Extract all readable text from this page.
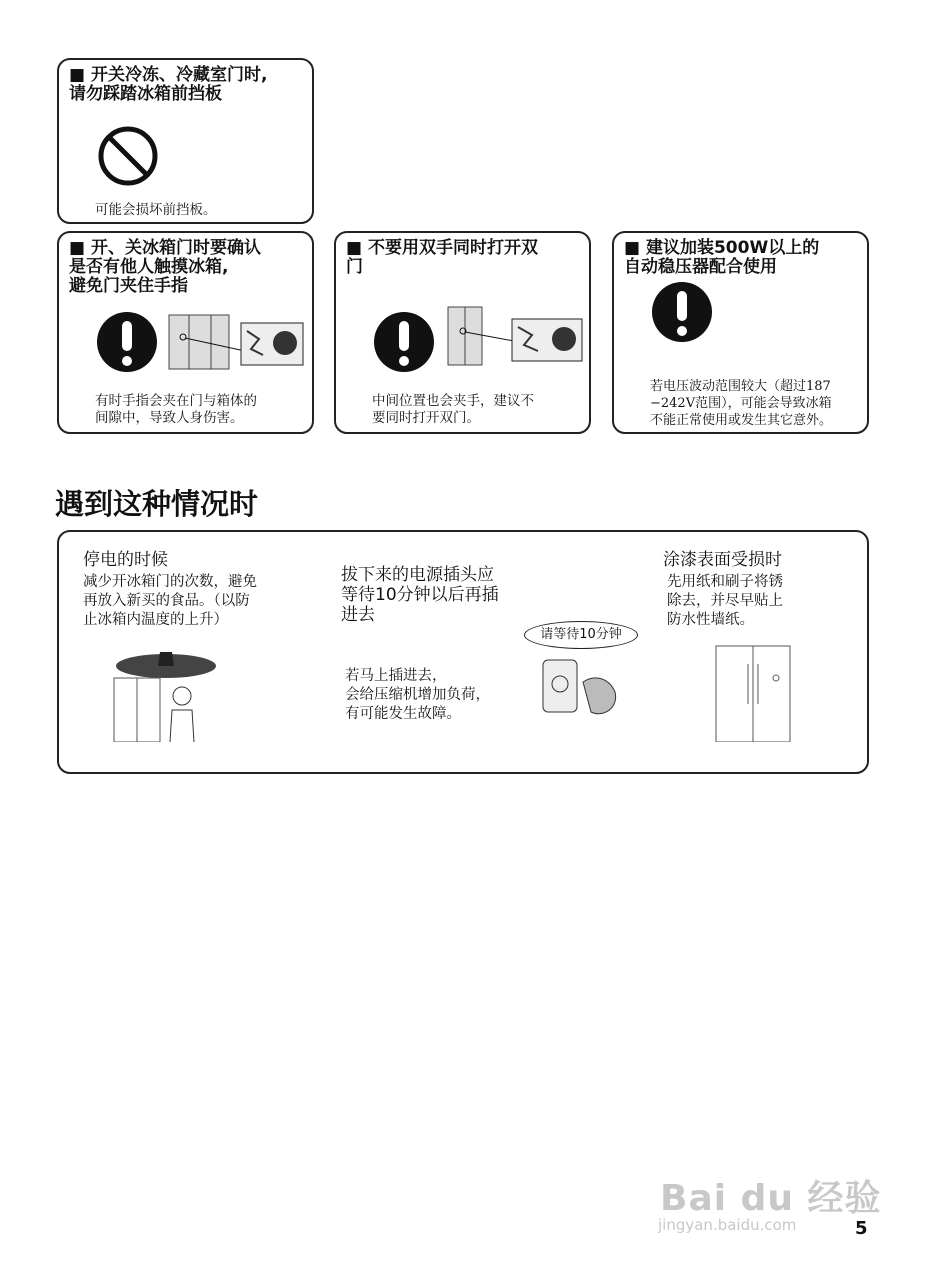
■ 开关冷冻、冷藏室门时,
请勿踩踏冰箱前挡板
可能会损坏前挡板。
■ 开、关冰箱门时要确认
是否有他人触摸冰箱,
避免门夹住手指
有时手指会夹在门与箱体的
间隙中，导致人身伤害。
■ 不要用双手同时打开双
门
中间位置也会夹手，建议不
要同时打开双门。
■ 建议加装500W以上的
自动稳压器配合使用
若电压波动范围较大（超过187
−242V范围），可能会导致冰箱
不能正常使用或发生其它意外。
遇到这种情况时
停电的时候
减少开冰箱门的次数，避免
再放入新买的食品。（以防
止冰箱内温度的上升）
拔下来的电源插头应
等待10分钟以后再插
进去
若马上插进去，
会给压缩机增加负荷，
有可能发生故障。
请等待10分钟
涂漆表面受损时
先用纸和刷子将锈
除去，并尽早贴上
防水性墙纸。
Bai du 经验
jingyan.baidu.com	5
